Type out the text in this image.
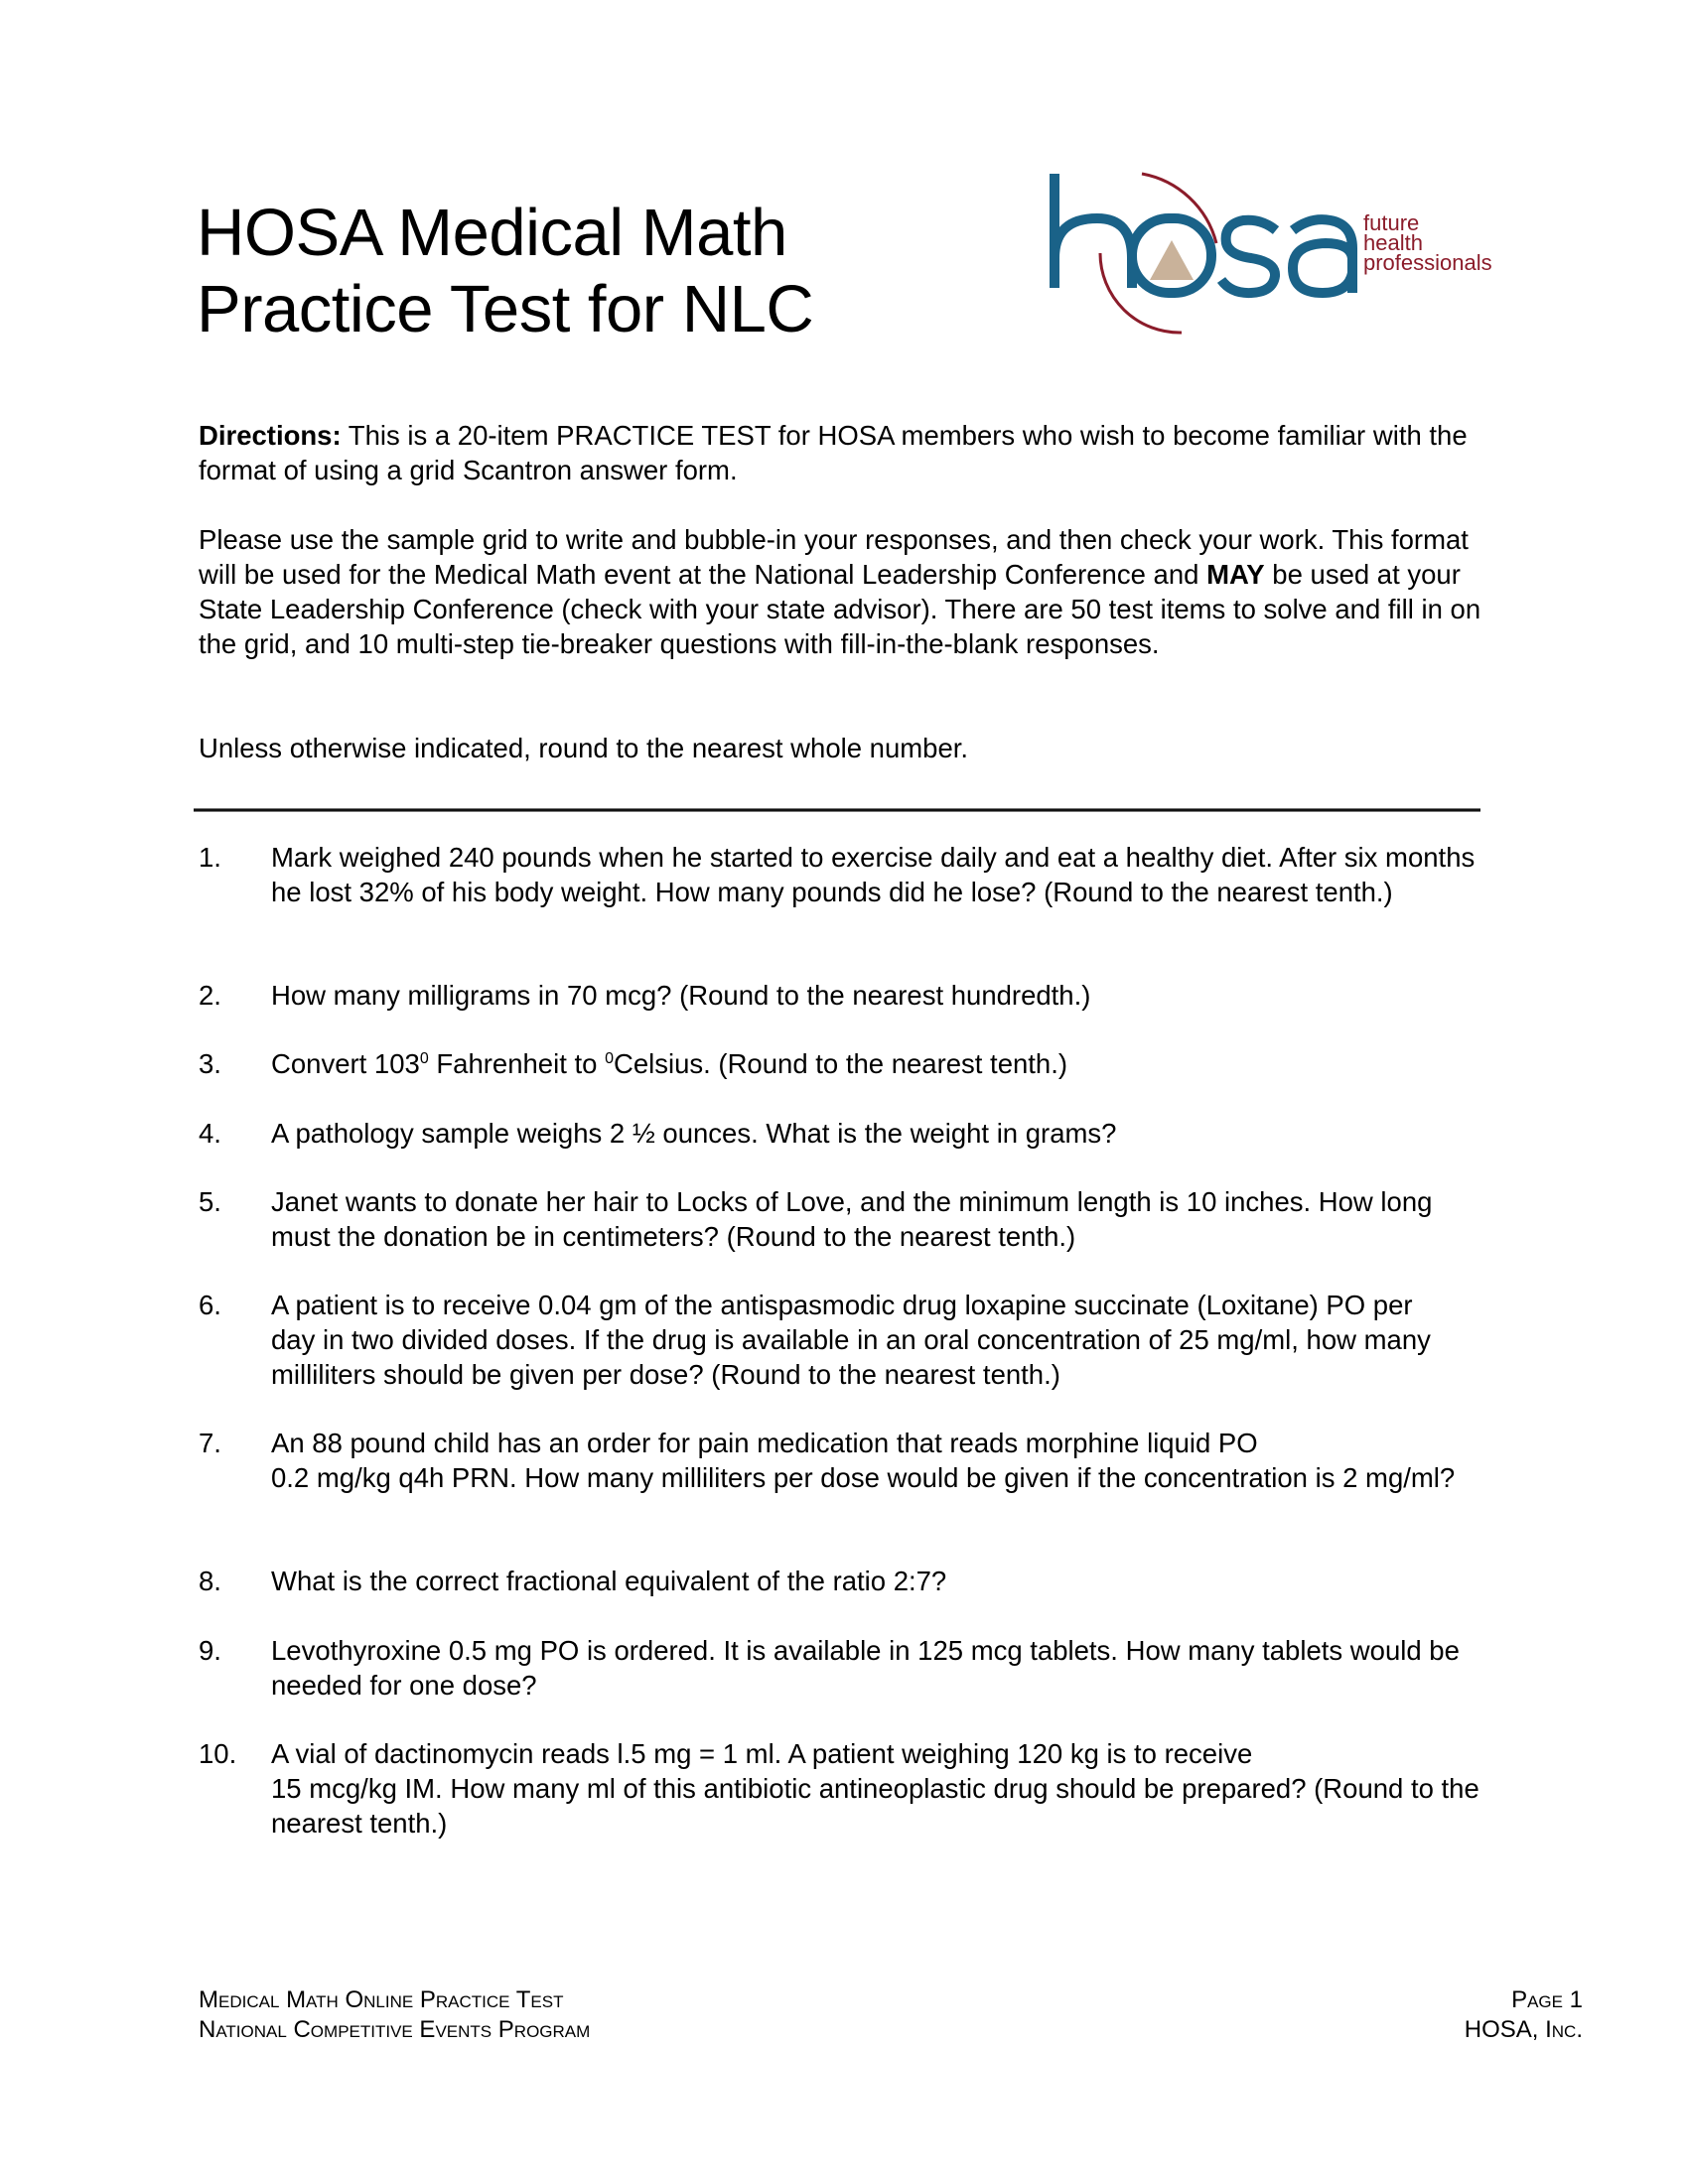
HOSA Medical Math
Practice Test for NLC
future
health
professionals

Directions: This is a 20-item PRACTICE TEST for HOSA members who wish to become familiar with the format of using a grid Scantron answer form.

Please use the sample grid to write and bubble-in your responses, and then check your work. This format will be used for the Medical Math event at the National Leadership Conference and MAY be used at your State Leadership Conference (check with your state advisor). There are 50 test items to solve and fill in on the grid, and 10 multi-step tie-breaker questions with fill-in-the-blank responses.

Unless otherwise indicated, round to the nearest whole number.

1.	Mark weighed 240 pounds when he started to exercise daily and eat a healthy diet. After six months he lost 32% of his body weight. How many pounds did he lose? (Round to the nearest tenth.)
2.	How many milligrams in 70 mcg? (Round to the nearest hundredth.)
3.	Convert $103^0$ Fahrenheit to $^0$Celsius. (Round to the nearest tenth.)
4.	A pathology sample weighs 2 ½ ounces. What is the weight in grams?
5.	Janet wants to donate her hair to Locks of Love, and the minimum length is 10 inches. How long must the donation be in centimeters? (Round to the nearest tenth.)
6.	A patient is to receive 0.04 gm of the antispasmodic drug loxapine succinate (Loxitane) PO per day in two divided doses. If the drug is available in an oral concentration of 25 mg/ml, how many milliliters should be given per dose? (Round to the nearest tenth.)
7.	An 88 pound child has an order for pain medication that reads morphine liquid PO
0.2 mg/kg q4h PRN. How many milliliters per dose would be given if the concentration is 2 mg/ml?
8.	What is the correct fractional equivalent of the ratio 2:7?
9.	Levothyroxine 0.5 mg PO is ordered. It is available in 125 mcg tablets. How many tablets would be needed for one dose?
10.	A vial of dactinomycin reads l.5 mg = 1 ml. A patient weighing 120 kg is to receive
15 mcg/kg IM. How many ml of this antibiotic antineoplastic drug should be prepared? (Round to the nearest tenth.)
Medical Math Online Practice Test
National Competitive Events Program
Page 1
HOSA, Inc.
